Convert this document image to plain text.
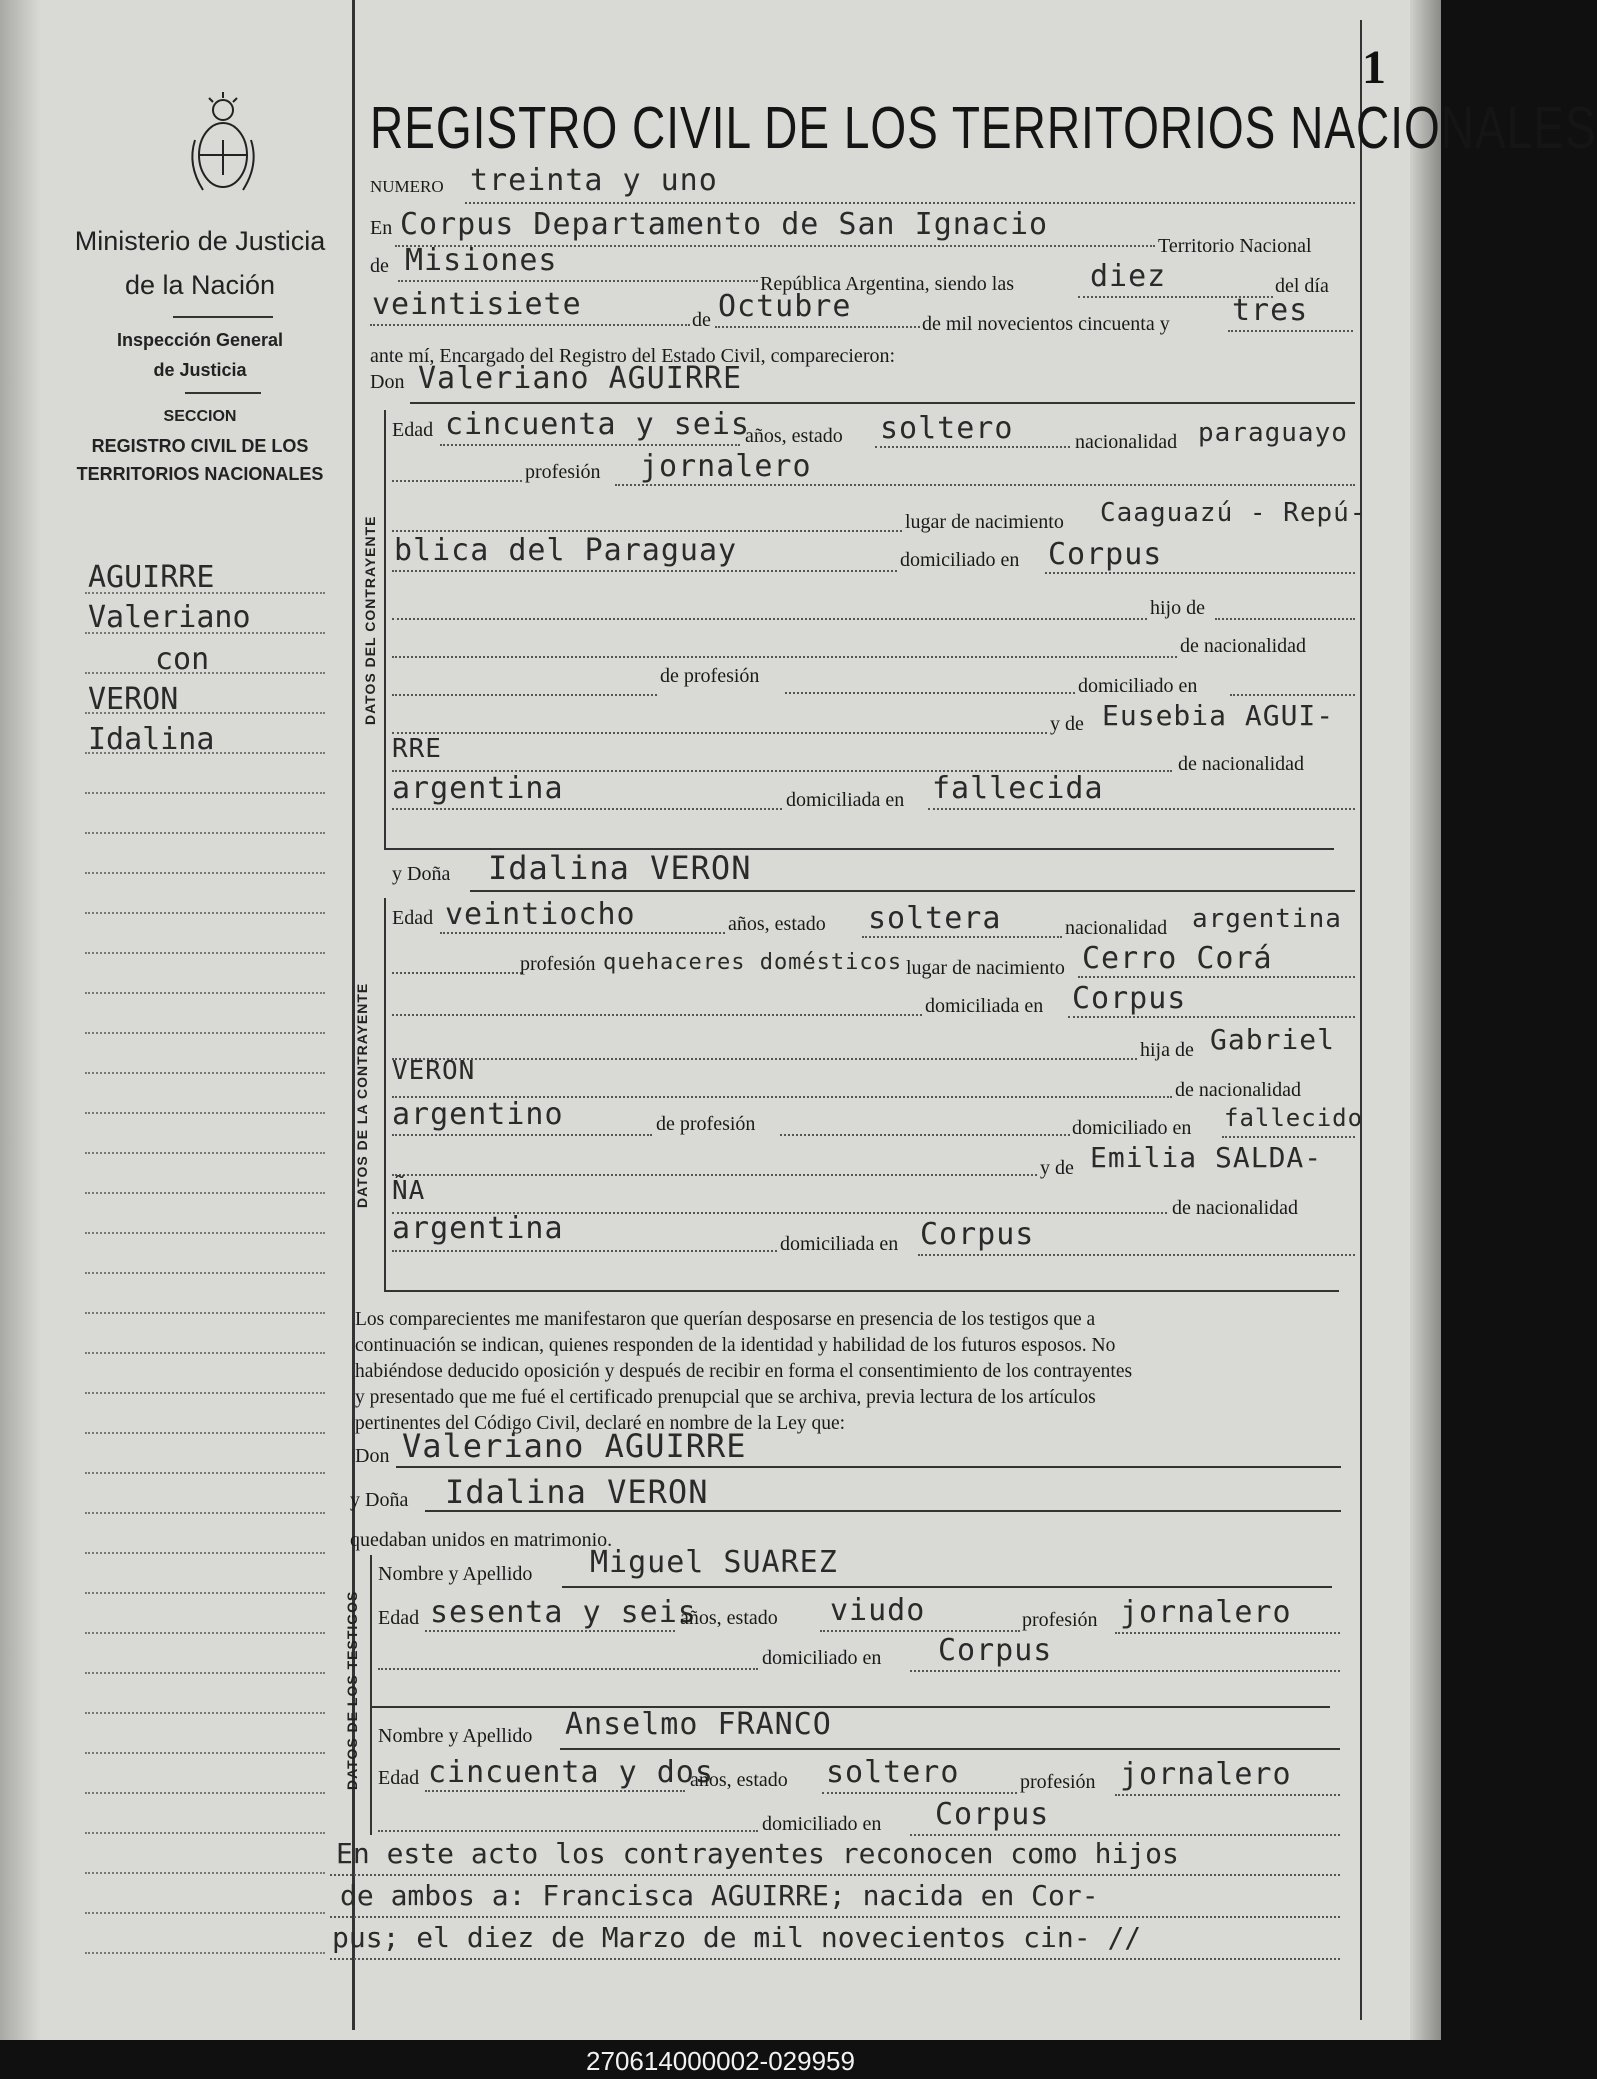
1
Ministerio de Justicia
de la Nación
Inspección General
de Justicia
SECCION
REGISTRO CIVIL DE LOS
TERRITORIOS NACIONALES
AGUIRRE
Valeriano
con
VERON
Idalina
REGISTRO CIVIL DE LOS TERRITORIOS NACIONALES
NUMERO treinta y uno
En Corpus Departamento de San Ignacio
Territorio Nacional
de Misiones
República Argentina, siendo las	diez	del día
veintisiete	de Octubre	de mil novecientos cincuenta y tres
ante mí, Encargado del Registro del Estado Civil, comparecieron:
Don Valeriano AGUIRRE
DATOS DEL CONTRAYENTE
Edad cincuenta y seis
años, estado soltero	nacionalidad paraguayo
profesión jornalero
lugar de nacimiento Caaguazú - Repú-
blica del Paraguay	domiciliado en Corpus
hijo de
de nacionalidad
de profesión	domiciliado en
y de Eusebia AGUI-
RRE	de nacionalidad
argentina	domiciliada en fallecida
y Doña Idalina VERON
DATOS DE LA CONTRAYENTE
Edad veintiocho	años, estado soltera	nacionalidad argentina
profesión quehaceres domésticos lugar de nacimiento Cerro Corá
domiciliada en Corpus
hija de Gabriel
VERON
de nacionalidad
argentino	de profesión	domiciliado en fallecido
y de Emilia SALDA-
ÑA
de nacionalidad
argentina	domiciliada en Corpus
Los comparecientes me manifestaron que querían desposarse en presencia de los testigos que a
continuación se indican, quienes responden de la identidad y habilidad de los futuros esposos. No
habiéndose deducido oposición y después de recibir en forma el consentimiento de los contrayentes
y presentado que me fué el certificado prenupcial que se archiva, previa lectura de los artículos
pertinentes del Código Civil, declaré en nombre de la Ley que:
Don Valeriano AGUIRRE
y Doña Idalina VERON
quedaban unidos en matrimonio.
DATOS DE LOS TESTIGOS
Nombre y Apellido Miguel SUAREZ
Edad sesenta y seis
años, estado viudo	profesión jornalero
domiciliado en Corpus
Nombre y Apellido Anselmo FRANCO
Edad cincuenta y dos
años, estado soltero	profesión jornalero
domiciliado en Corpus
En este acto los contrayentes reconocen como hijos
de ambos a: Francisca AGUIRRE; nacida en Cor-
pus; el diez de Marzo de mil novecientos cin- //
270614000002-029959
